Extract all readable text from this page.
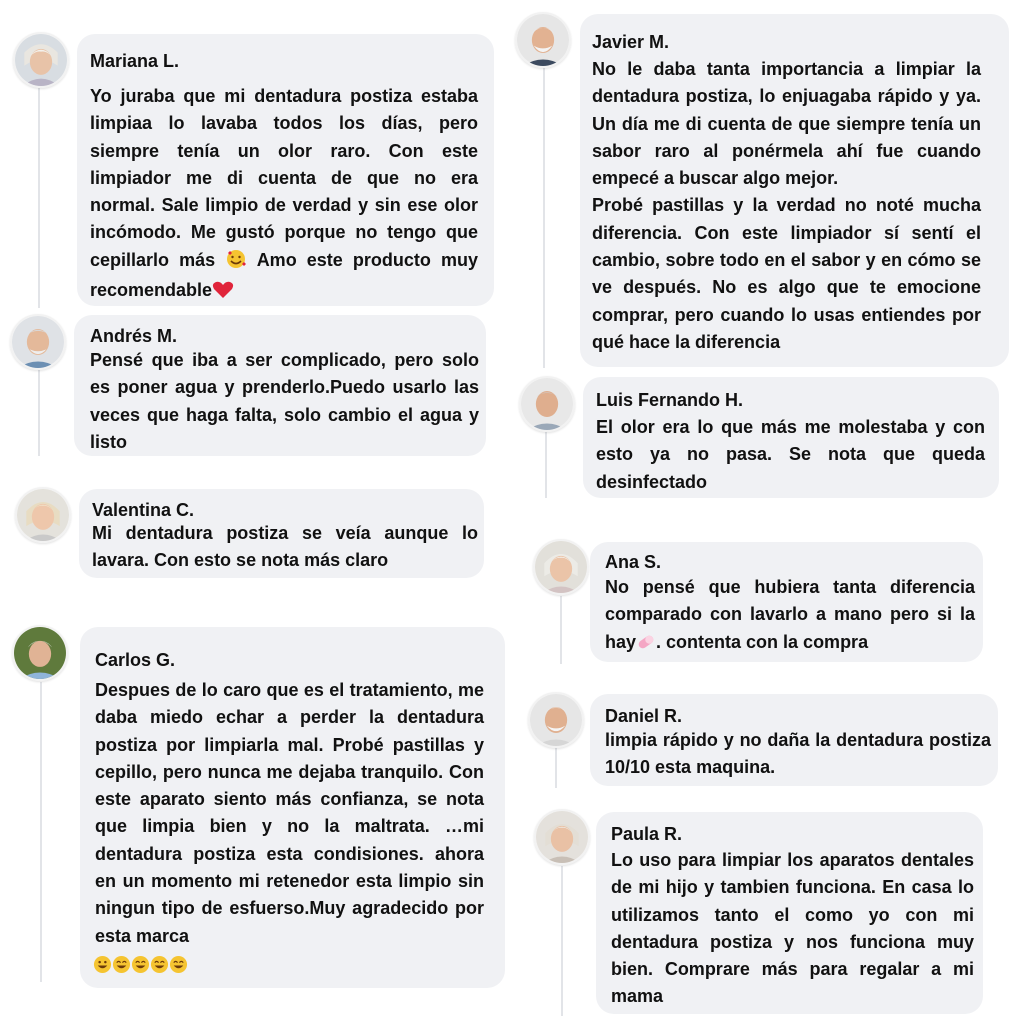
Mariana L.
Yo juraba que mi dentadura postiza estaba limpiaa lo lavaba todos los días, pero siempre tenía un olor raro. Con este limpiador me di cuenta de que no era normal. Sale limpio de verdad y sin ese olor incómodo. Me gustó porque no tengo que cepillarlo más Amo este producto muy recomendable
Andrés M.
Pensé que iba a ser complicado, pero solo es poner agua y prenderlo.Puedo usarlo las veces que haga falta, solo cambio el agua y listo
Valentina C.
Mi dentadura postiza se veía aunque lo lavara. Con esto se nota más claro
Carlos G.
Despues de lo caro que es el tratamiento, me daba miedo echar a perder la dentadura postiza por limpiarla mal. Probé pastillas y cepillo, pero nunca me dejaba tranquilo. Con este aparato siento más confianza, se nota que limpia bien y no la maltrata. …mi dentadura postiza esta condisiones. ahora en un momento mi retenedor esta limpio sin ningun tipo de esfuerso.Muy agradecido por esta marca
Javier M.
No le daba tanta importancia a limpiar la dentadura postiza, lo enjuagaba rápido y ya. Un día me di cuenta de que siempre tenía un sabor raro al ponérmela ahí fue cuando empecé a buscar algo mejor.
Probé pastillas y la verdad no noté mucha diferencia. Con este limpiador sí sentí el cambio, sobre todo en el sabor y en cómo se ve después. No es algo que te emocione comprar, pero cuando lo usas entiendes por qué hace la diferencia
Luis Fernando H.
El olor era lo que más me molestaba y con esto ya no pasa. Se nota que queda desinfectado
Ana S.
No pensé que hubiera tanta diferencia comparado con lavarlo a mano pero si la hay . contenta con la compra
Daniel R.
limpia rápido y no daña la dentadura postiza 10/10 esta maquina.
Paula R.
Lo uso para limpiar los aparatos dentales de mi hijo y tambien funciona. En casa lo utilizamos tanto el como yo con mi dentadura postiza y nos funciona muy bien. Comprare más para regalar a mi mama
